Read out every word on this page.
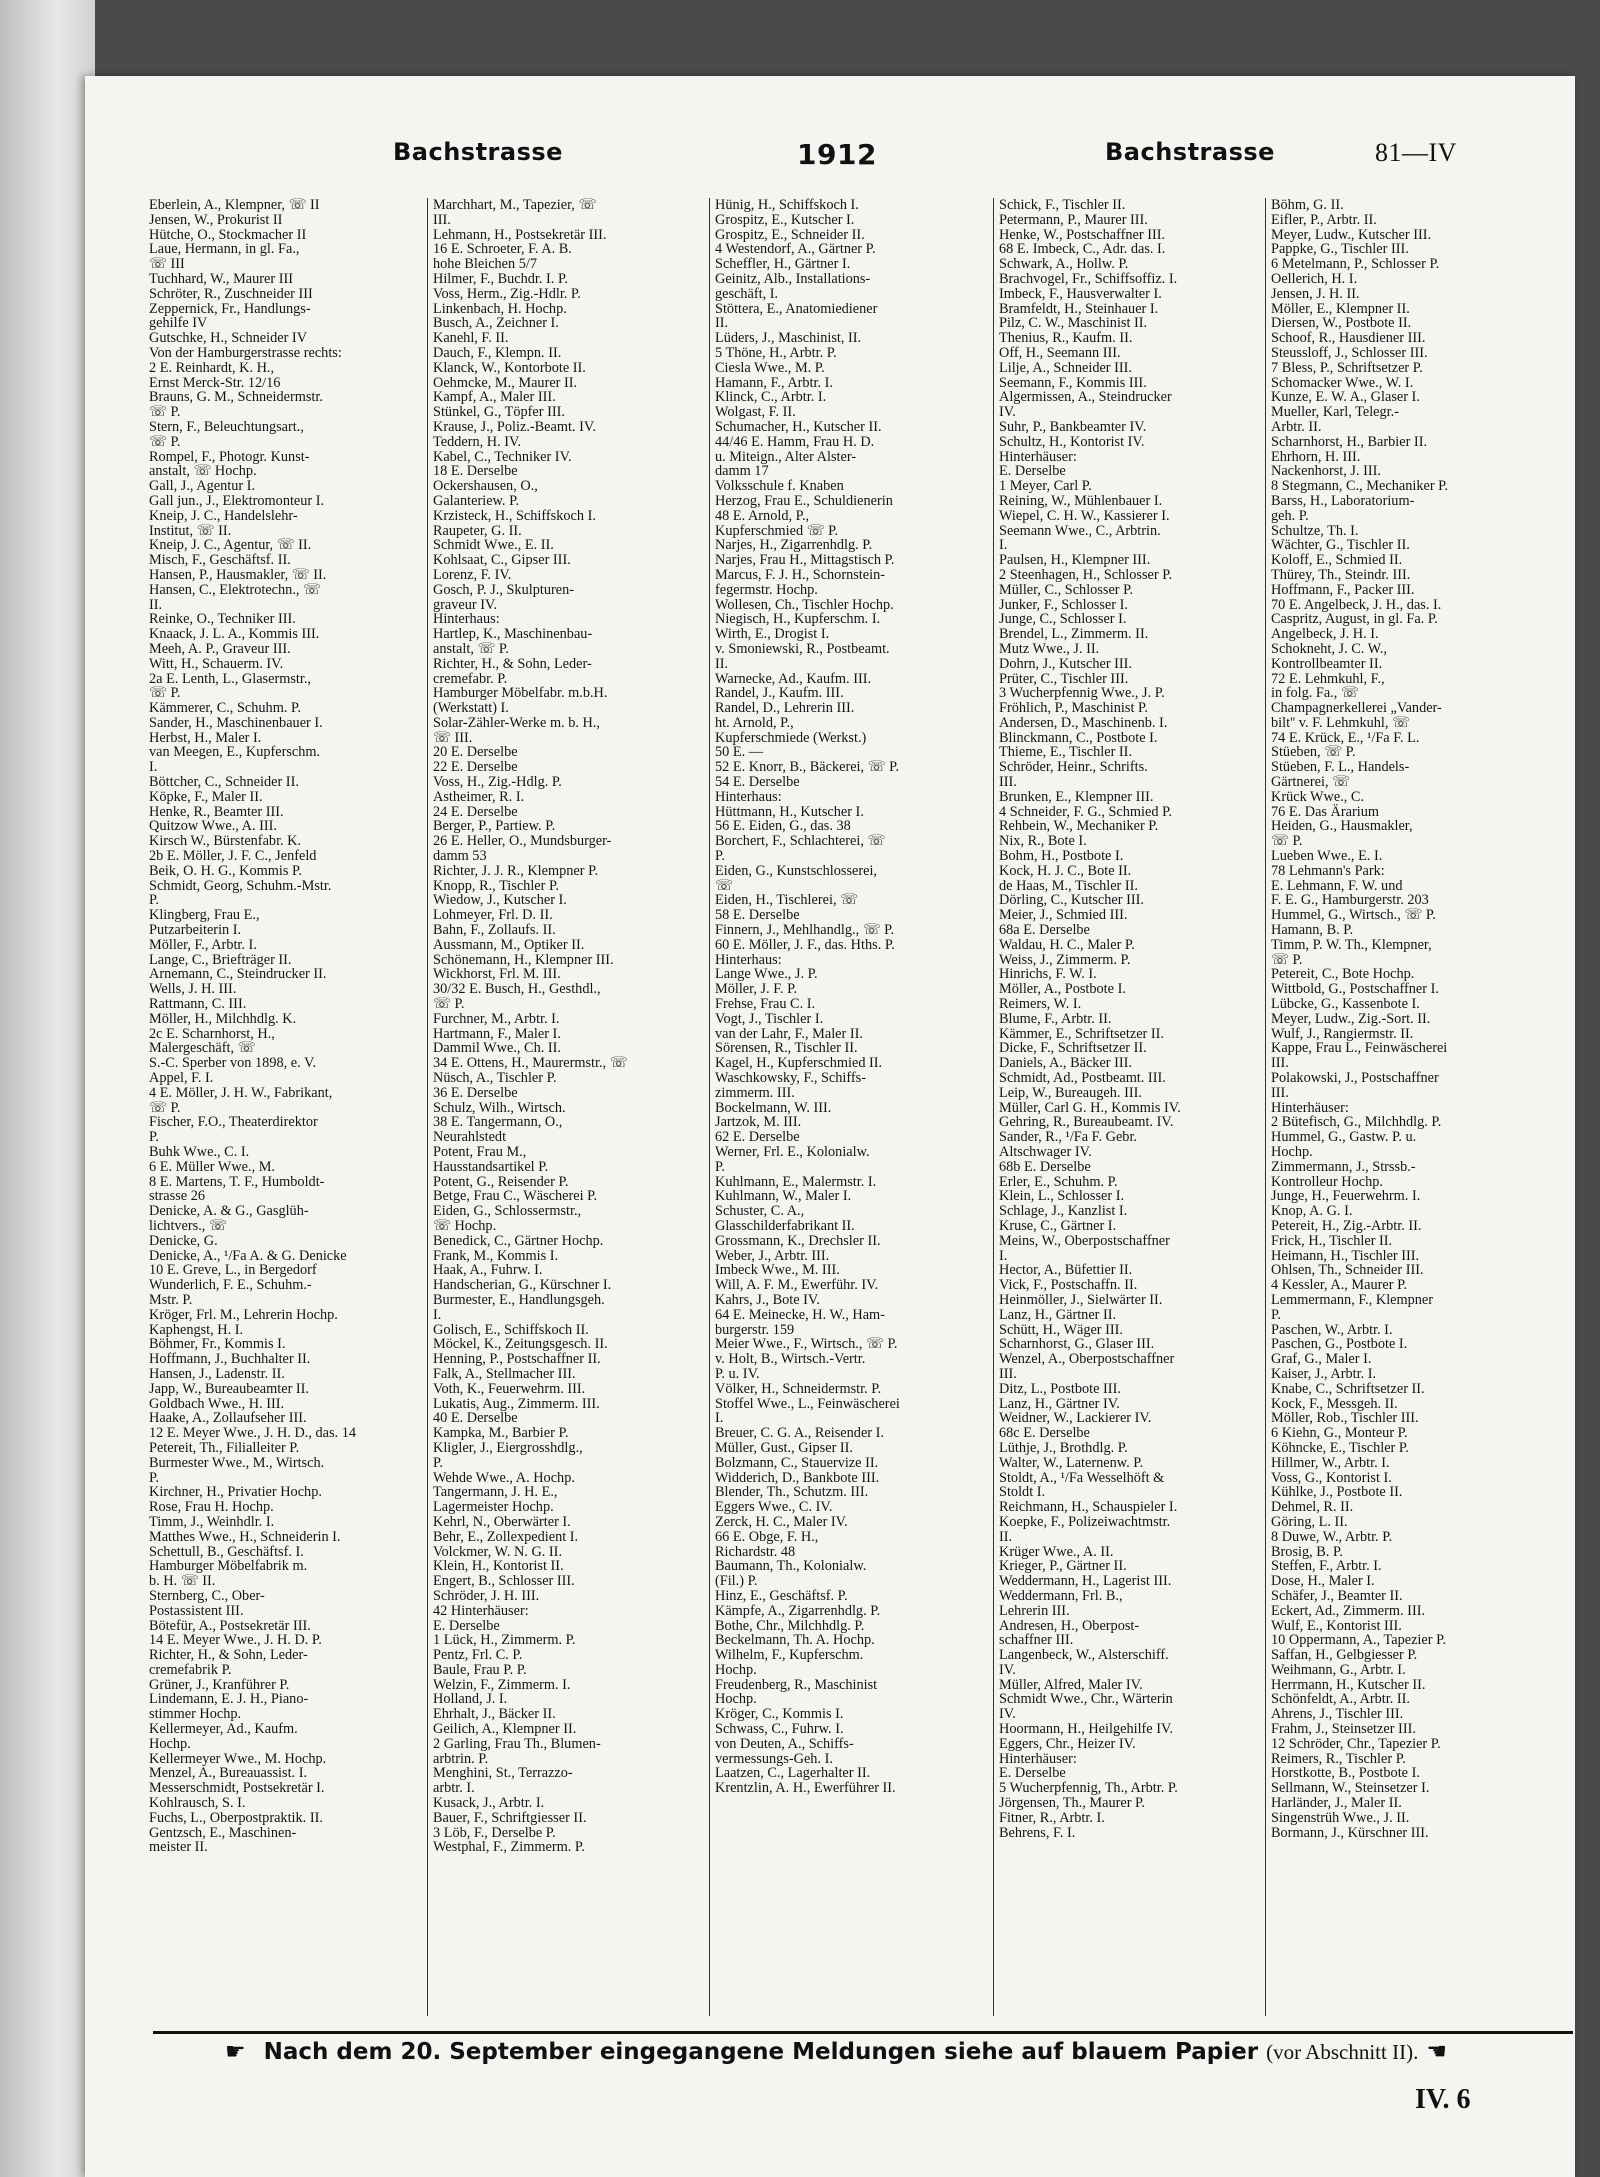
Bachstrasse	1912	Bachstrasse	81—IV
Eberlein, A., Klempner, ☏ II
Jensen, W., Prokurist II
Hütche, O., Stockmacher II
Laue, Hermann, in gl. Fa.,
☏ III
Tuchhard, W., Maurer III
Schröter, R., Zuschneider III
Zeppernick, Fr., Handlungs-
gehilfe IV
Gutschke, H., Schneider IV
Von der Hamburgerstrasse rechts:
2 E. Reinhardt, K. H.,
Ernst Merck-Str. 12/16
Brauns, G. M., Schneidermstr.
☏ P.
Stern, F., Beleuchtungsart.,
☏ P.
Rompel, F., Photogr. Kunst-
anstalt, ☏ Hochp.
Gall, J., Agentur I.
Gall jun., J., Elektromonteur I.
Kneip, J. C., Handelslehr-
Institut, ☏ II.
Kneip, J. C., Agentur, ☏ II.
Misch, F., Geschäftsf. II.
Hansen, P., Hausmakler, ☏ II.
Hansen, C., Elektrotechn., ☏
II.
Reinke, O., Techniker III.
Knaack, J. L. A., Kommis III.
Meeh, A. P., Graveur III.
Witt, H., Schauerm. IV.
2a E. Lenth, L., Glasermstr.,
☏ P.
Kämmerer, C., Schuhm. P.
Sander, H., Maschinenbauer I.
Herbst, H., Maler I.
van Meegen, E., Kupferschm.
I.
Böttcher, C., Schneider II.
Köpke, F., Maler II.
Henke, R., Beamter III.
Quitzow Wwe., A. III.
Kirsch W., Bürstenfabr. K.
2b E. Möller, J. F. C., Jenfeld
Beik, O. H. G., Kommis P.
Schmidt, Georg, Schuhm.-Mstr.
P.
Klingberg, Frau E.,
Putzarbeiterin I.
Möller, F., Arbtr. I.
Lange, C., Briefträger II.
Arnemann, C., Steindrucker II.
Wells, J. H. III.
Rattmann, C. III.
Möller, H., Milchhdlg. K.
2c E. Scharnhorst, H.,
Malergeschäft, ☏
S.-C. Sperber von 1898, e. V.
Appel, F. I.
4 E. Möller, J. H. W., Fabrikant,
☏ P.
Fischer, F.O., Theaterdirektor
P.
Buhk Wwe., C. I.
6 E. Müller Wwe., M.
8 E. Martens, T. F., Humboldt-
strasse 26
Denicke, A. & G., Gasglüh-
lichtvers., ☏
Denicke, G.
Denicke, A., ¹/Fa A. & G. Denicke
10 E. Greve, L., in Bergedorf
Wunderlich, F. E., Schuhm.-
Mstr. P.
Kröger, Frl. M., Lehrerin Hochp.
Kaphengst, H. I.
Böhmer, Fr., Kommis I.
Hoffmann, J., Buchhalter II.
Hansen, J., Ladenstr. II.
Japp, W., Bureaubeamter II.
Goldbach Wwe., H. III.
Haake, A., Zollaufseher III.
12 E. Meyer Wwe., J. H. D., das. 14
Petereit, Th., Filialleiter P.
Burmester Wwe., M., Wirtsch.
P.
Kirchner, H., Privatier Hochp.
Rose, Frau H. Hochp.
Timm, J., Weinhdlr. I.
Matthes Wwe., H., Schneiderin I.
Schettull, B., Geschäftsf. I.
Hamburger Möbelfabrik m.
b. H. ☏ II.
Sternberg, C., Ober-
Postassistent III.
Bötefür, A., Postsekretär III.
14 E. Meyer Wwe., J. H. D. P.
Richter, H., & Sohn, Leder-
cremefabrik P.
Grüner, J., Kranführer P.
Lindemann, E. J. H., Piano-
stimmer Hochp.
Kellermeyer, Ad., Kaufm.
Hochp.
Kellermeyer Wwe., M. Hochp.
Menzel, A., Bureauassist. I.
Messerschmidt, Postsekretär I.
Kohlrausch, S. I.
Fuchs, L., Oberpostpraktik. II.
Gentzsch, E., Maschinen-
meister II.
Marchhart, M., Tapezier, ☏
III.
Lehmann, H., Postsekretär III.
16 E. Schroeter, F. A. B.
hohe Bleichen 5/7
Hilmer, F., Buchdr. I. P.
Voss, Herm., Zig.-Hdlr. P.
Linkenbach, H. Hochp.
Busch, A., Zeichner I.
Kanehl, F. II.
Dauch, F., Klempn. II.
Klanck, W., Kontorbote II.
Oehmcke, M., Maurer II.
Kampf, A., Maler III.
Stünkel, G., Töpfer III.
Krause, J., Poliz.-Beamt. IV.
Teddern, H. IV.
Kabel, C., Techniker IV.
18 E. Derselbe
Ockershausen, O.,
Galanteriew. P.
Krzisteck, H., Schiffskoch I.
Raupeter, G. II.
Schmidt Wwe., E. II.
Kohlsaat, C., Gipser III.
Lorenz, F. IV.
Gosch, P. J., Skulpturen-
graveur IV.
Hinterhaus:
Hartlep, K., Maschinenbau-
anstalt, ☏ P.
Richter, H., & Sohn, Leder-
cremefabr. P.
Hamburger Möbelfabr. m.b.H.
(Werkstatt) I.
Solar-Zähler-Werke m. b. H.,
☏ III.
20 E. Derselbe
22 E. Derselbe
Voss, H., Zig.-Hdlg. P.
Astheimer, R. I.
24 E. Derselbe
Berger, P., Partiew. P.
26 E. Heller, O., Mundsburger-
damm 53
Richter, J. J. R., Klempner P.
Knopp, R., Tischler P.
Wiedow, J., Kutscher I.
Lohmeyer, Frl. D. II.
Bahn, F., Zollaufs. II.
Aussmann, M., Optiker II.
Schönemann, H., Klempner III.
Wickhorst, Frl. M. III.
30/32 E. Busch, H., Gesthdl.,
☏ P.
Furchner, M., Arbtr. I.
Hartmann, F., Maler I.
Dammil Wwe., Ch. II.
34 E. Ottens, H., Maurermstr., ☏
Nüsch, A., Tischler P.
36 E. Derselbe
Schulz, Wilh., Wirtsch.
38 E. Tangermann, O.,
Neurahlstedt
Potent, Frau M.,
Hausstandsartikel P.
Potent, G., Reisender P.
Betge, Frau C., Wäscherei P.
Eiden, G., Schlossermstr.,
☏ Hochp.
Benedick, C., Gärtner Hochp.
Frank, M., Kommis I.
Haak, A., Fuhrw. I.
Handscherian, G., Kürschner I.
Burmester, E., Handlungsgeh.
I.
Golisch, E., Schiffskoch II.
Möckel, K., Zeitungsgesch. II.
Henning, P., Postschaffner II.
Falk, A., Stellmacher III.
Voth, K., Feuerwehrm. III.
Lukatis, Aug., Zimmerm. III.
40 E. Derselbe
Kampka, M., Barbier P.
Kligler, J., Eiergrosshdlg.,
P.
Wehde Wwe., A. Hochp.
Tangermann, J. H. E.,
Lagermeister Hochp.
Kehrl, N., Oberwärter I.
Behr, E., Zollexpedient I.
Volckmer, W. N. G. II.
Klein, H., Kontorist II.
Engert, B., Schlosser III.
Schröder, J. H. III.
42 Hinterhäuser:
E. Derselbe
1 Lück, H., Zimmerm. P.
Pentz, Frl. C. P.
Baule, Frau P. P.
Welzin, F., Zimmerm. I.
Holland, J. I.
Ehrhalt, J., Bäcker II.
Geilich, A., Klempner II.
2 Garling, Frau Th., Blumen-
arbtrin. P.
Menghini, St., Terrazzo-
arbtr. I.
Kusack, J., Arbtr. I.
Bauer, F., Schriftgiesser II.
3 Löb, F., Derselbe P.
Westphal, F., Zimmerm. P.
Hünig, H., Schiffskoch I.
Grospitz, E., Kutscher I.
Grospitz, E., Schneider II.
4 Westendorf, A., Gärtner P.
Scheffler, H., Gärtner I.
Geinitz, Alb., Installations-
geschäft, I.
Stöttera, E., Anatomiediener
II.
Lüders, J., Maschinist, II.
5 Thöne, H., Arbtr. P.
Ciesla Wwe., M. P.
Hamann, F., Arbtr. I.
Klinck, C., Arbtr. I.
Wolgast, F. II.
Schumacher, H., Kutscher II.
44/46 E. Hamm, Frau H. D.
u. Miteign., Alter Alster-
damm 17
Volksschule f. Knaben
Herzog, Frau E., Schuldienerin
48 E. Arnold, P.,
Kupferschmied ☏ P.
Narjes, H., Zigarrenhdlg. P.
Narjes, Frau H., Mittagstisch P.
Marcus, F. J. H., Schornstein-
fegermstr. Hochp.
Wollesen, Ch., Tischler Hochp.
Niegisch, H., Kupferschm. I.
Wirth, E., Drogist I.
v. Smoniewski, R., Postbeamt.
II.
Warnecke, Ad., Kaufm. III.
Randel, J., Kaufm. III.
Randel, D., Lehrerin III.
ht. Arnold, P.,
Kupferschmiede (Werkst.)
50 E. —
52 E. Knorr, B., Bäckerei, ☏ P.
54 E. Derselbe
Hinterhaus:
Hüttmann, H., Kutscher I.
56 E. Eiden, G., das. 38
Borchert, F., Schlachterei, ☏
P.
Eiden, G., Kunstschlosserei,
☏
Eiden, H., Tischlerei, ☏
58 E. Derselbe
Finnern, J., Mehlhandlg., ☏ P.
60 E. Möller, J. F., das. Hths. P.
Hinterhaus:
Lange Wwe., J. P.
Möller, J. F. P.
Frehse, Frau C. I.
Vogt, J., Tischler I.
van der Lahr, F., Maler II.
Sörensen, R., Tischler II.
Kagel, H., Kupferschmied II.
Waschkowsky, F., Schiffs-
zimmerm. III.
Bockelmann, W. III.
Jartzok, M. III.
62 E. Derselbe
Werner, Frl. E., Kolonialw.
P.
Kuhlmann, E., Malermstr. I.
Kuhlmann, W., Maler I.
Schuster, C. A.,
Glasschilderfabrikant II.
Grossmann, K., Drechsler II.
Weber, J., Arbtr. III.
Imbeck Wwe., M. III.
Will, A. F. M., Ewerführ. IV.
Kahrs, J., Bote IV.
64 E. Meinecke, H. W., Ham-
burgerstr. 159
Meier Wwe., F., Wirtsch., ☏ P.
v. Holt, B., Wirtsch.-Vertr.
P. u. IV.
Völker, H., Schneidermstr. P.
Stoffel Wwe., L., Feinwäscherei
I.
Breuer, C. G. A., Reisender I.
Müller, Gust., Gipser II.
Bolzmann, C., Stauervize II.
Widderich, D., Bankbote III.
Blender, Th., Schutzm. III.
Eggers Wwe., C. IV.
Zerck, H. C., Maler IV.
66 E. Obge, F. H.,
Richardstr. 48
Baumann, Th., Kolonialw.
(Fil.) P.
Hinz, E., Geschäftsf. P.
Kämpfe, A., Zigarrenhdlg. P.
Bothe, Chr., Milchhdlg. P.
Beckelmann, Th. A. Hochp.
Wilhelm, F., Kupferschm.
Hochp.
Freudenberg, R., Maschinist
Hochp.
Kröger, C., Kommis I.
Schwass, C., Fuhrw. I.
von Deuten, A., Schiffs-
vermessungs-Geh. I.
Laatzen, C., Lagerhalter II.
Krentzlin, A. H., Ewerführer II.
Schick, F., Tischler II.
Petermann, P., Maurer III.
Henke, W., Postschaffner III.
68 E. Imbeck, C., Adr. das. I.
Schwark, A., Hollw. P.
Brachvogel, Fr., Schiffsoffiz. I.
Imbeck, F., Hausverwalter I.
Bramfeldt, H., Steinhauer I.
Pilz, C. W., Maschinist II.
Thenius, R., Kaufm. II.
Off, H., Seemann III.
Lilje, A., Schneider III.
Seemann, F., Kommis III.
Algermissen, A., Steindrucker
IV.
Suhr, P., Bankbeamter IV.
Schultz, H., Kontorist IV.
Hinterhäuser:
E. Derselbe
1 Meyer, Carl P.
Reining, W., Mühlenbauer I.
Wiepel, C. H. W., Kassierer I.
Seemann Wwe., C., Arbtrin.
I.
Paulsen, H., Klempner III.
2 Steenhagen, H., Schlosser P.
Müller, C., Schlosser P.
Junker, F., Schlosser I.
Junge, C., Schlosser I.
Brendel, L., Zimmerm. II.
Mutz Wwe., J. II.
Dohrn, J., Kutscher III.
Prüter, C., Tischler III.
3 Wucherpfennig Wwe., J. P.
Fröhlich, P., Maschinist P.
Andersen, D., Maschinenb. I.
Blinckmann, C., Postbote I.
Thieme, E., Tischler II.
Schröder, Heinr., Schrifts.
III.
Brunken, E., Klempner III.
4 Schneider, F. G., Schmied P.
Rehbein, W., Mechaniker P.
Nix, R., Bote I.
Bohm, H., Postbote I.
Kock, H. J. C., Bote II.
de Haas, M., Tischler II.
Dörling, C., Kutscher III.
Meier, J., Schmied III.
68a E. Derselbe
Waldau, H. C., Maler P.
Weiss, J., Zimmerm. P.
Hinrichs, F. W. I.
Möller, A., Postbote I.
Reimers, W. I.
Blume, F., Arbtr. II.
Kämmer, E., Schriftsetzer II.
Dicke, F., Schriftsetzer II.
Daniels, A., Bäcker III.
Schmidt, Ad., Postbeamt. III.
Leip, W., Bureaugeh. III.
Müller, Carl G. H., Kommis IV.
Gehring, R., Bureaubeamt. IV.
Sander, R., ¹/Fa F. Gebr.
Altschwager IV.
68b E. Derselbe
Erler, E., Schuhm. P.
Klein, L., Schlosser I.
Schlage, J., Kanzlist I.
Kruse, C., Gärtner I.
Meins, W., Oberpostschaffner
I.
Hector, A., Büfettier II.
Vick, F., Postschaffn. II.
Heinmöller, J., Sielwärter II.
Lanz, H., Gärtner II.
Schütt, H., Wäger III.
Scharnhorst, G., Glaser III.
Wenzel, A., Oberpostschaffner
III.
Ditz, L., Postbote III.
Lanz, H., Gärtner IV.
Weidner, W., Lackierer IV.
68c E. Derselbe
Lüthje, J., Brothdlg. P.
Walter, W., Laternenw. P.
Stoldt, A., ¹/Fa Wesselhöft &
Stoldt I.
Reichmann, H., Schauspieler I.
Koepke, F., Polizeiwachtmstr.
II.
Krüger Wwe., A. II.
Krieger, P., Gärtner II.
Weddermann, H., Lagerist III.
Weddermann, Frl. B.,
Lehrerin III.
Andresen, H., Oberpost-
schaffner III.
Langenbeck, W., Alsterschiff.
IV.
Müller, Alfred, Maler IV.
Schmidt Wwe., Chr., Wärterin
IV.
Hoormann, H., Heilgehilfe IV.
Eggers, Chr., Heizer IV.
Hinterhäuser:
E. Derselbe
5 Wucherpfennig, Th., Arbtr. P.
Jörgensen, Th., Maurer P.
Fitner, R., Arbtr. I.
Behrens, F. I.
Böhm, G. II.
Eifler, P., Arbtr. II.
Meyer, Ludw., Kutscher III.
Pappke, G., Tischler III.
6 Metelmann, P., Schlosser P.
Oellerich, H. I.
Jensen, J. H. II.
Möller, E., Klempner II.
Diersen, W., Postbote II.
Schoof, R., Hausdiener III.
Steussloff, J., Schlosser III.
7 Bless, P., Schriftsetzer P.
Schomacker Wwe., W. I.
Kunze, E. W. A., Glaser I.
Mueller, Karl, Telegr.-
Arbtr. II.
Scharnhorst, H., Barbier II.
Ehrhorn, H. III.
Nackenhorst, J. III.
8 Stegmann, C., Mechaniker P.
Barss, H., Laboratorium-
geh. P.
Schultze, Th. I.
Wächter, G., Tischler II.
Koloff, E., Schmied II.
Thürey, Th., Steindr. III.
Hoffmann, F., Packer III.
70 E. Angelbeck, J. H., das. I.
Caspritz, August, in gl. Fa. P.
Angelbeck, J. H. I.
Schokneht, J. C. W.,
Kontrollbeamter II.
72 E. Lehmkuhl, F.,
in folg. Fa., ☏
Champagnerkellerei „Vander-
bilt'' v. F. Lehmkuhl, ☏
74 E. Krück, E., ¹/Fa F. L.
Stüeben, ☏ P.
Stüeben, F. L., Handels-
Gärtnerei, ☏
Krück Wwe., C.
76 E. Das Ärarium
Heiden, G., Hausmakler,
☏ P.
Lueben Wwe., E. I.
78 Lehmann's Park:
E. Lehmann, F. W. und
F. E. G., Hamburgerstr. 203
Hummel, G., Wirtsch., ☏ P.
Hamann, B. P.
Timm, P. W. Th., Klempner,
☏ P.
Petereit, C., Bote Hochp.
Wittbold, G., Postschaffner I.
Lübcke, G., Kassenbote I.
Meyer, Ludw., Zig.-Sort. II.
Wulf, J., Rangiermstr. II.
Kappe, Frau L., Feinwäscherei
III.
Polakowski, J., Postschaffner
III.
Hinterhäuser:
2 Bütefisch, G., Milchhdlg. P.
Hummel, G., Gastw. P. u.
Hochp.
Zimmermann, J., Strssb.-
Kontrolleur Hochp.
Junge, H., Feuerwehrm. I.
Knop, A. G. I.
Petereit, H., Zig.-Arbtr. II.
Frick, H., Tischler II.
Heimann, H., Tischler III.
Ohlsen, Th., Schneider III.
4 Kessler, A., Maurer P.
Lemmermann, F., Klempner
P.
Paschen, W., Arbtr. I.
Paschen, G., Postbote I.
Graf, G., Maler I.
Kaiser, J., Arbtr. I.
Knabe, C., Schriftsetzer II.
Kock, F., Messgeh. II.
Möller, Rob., Tischler III.
6 Kiehn, G., Monteur P.
Köhncke, E., Tischler P.
Hillmer, W., Arbtr. I.
Voss, G., Kontorist I.
Kühlke, J., Postbote II.
Dehmel, R. II.
Göring, L. II.
8 Duwe, W., Arbtr. P.
Brosig, B. P.
Steffen, F., Arbtr. I.
Dose, H., Maler I.
Schäfer, J., Beamter II.
Eckert, Ad., Zimmerm. III.
Wulf, E., Kontorist III.
10 Oppermann, A., Tapezier P.
Saffan, H., Gelbgiesser P.
Weihmann, G., Arbtr. I.
Herrmann, H., Kutscher II.
Schönfeldt, A., Arbtr. II.
Ahrens, J., Tischler III.
Frahm, J., Steinsetzer III.
12 Schröder, Chr., Tapezier P.
Reimers, R., Tischler P.
Horstkotte, B., Postbote I.
Sellmann, W., Steinsetzer I.
Harländer, J., Maler II.
Singenstrüh Wwe., J. II.
Bormann, J., Kürschner III.
☛ Nach dem 20. September eingegangene Meldungen siehe auf blauem Papier (vor Abschnitt II). ☚
IV. 6
